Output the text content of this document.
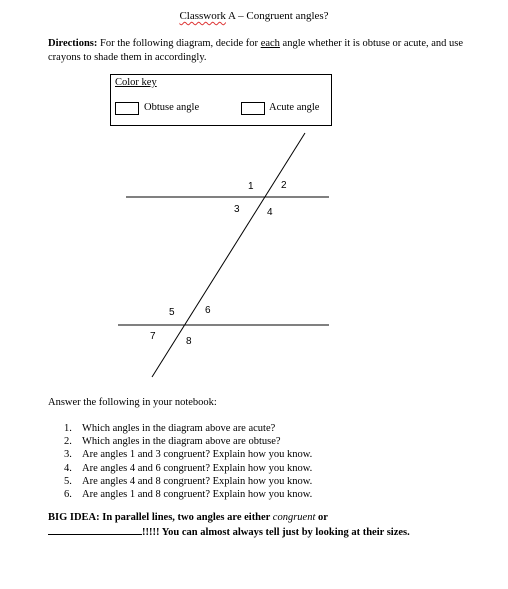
Classwork A – Congruent angles?
Directions: For the following diagram, decide for each angle whether it is obtuse or acute, and use crayons to shade them in accordingly.
Color key
Obtuse angle	Acute angle
1	2
3	4
5	6
7	8
Answer the following in your notebook:
1. Which angles in the diagram above are acute?
2. Which angles in the diagram above are obtuse?
3. Are angles 1 and 3 congruent? Explain how you know.
4. Are angles 4 and 6 congruent? Explain how you know.
5. Are angles 4 and 8 congruent? Explain how you know.
6. Are angles 1 and 8 congruent? Explain how you know.
BIG IDEA: In parallel lines, two angles are either congruent or
!!!!! You can almost always tell just by looking at their sizes.
